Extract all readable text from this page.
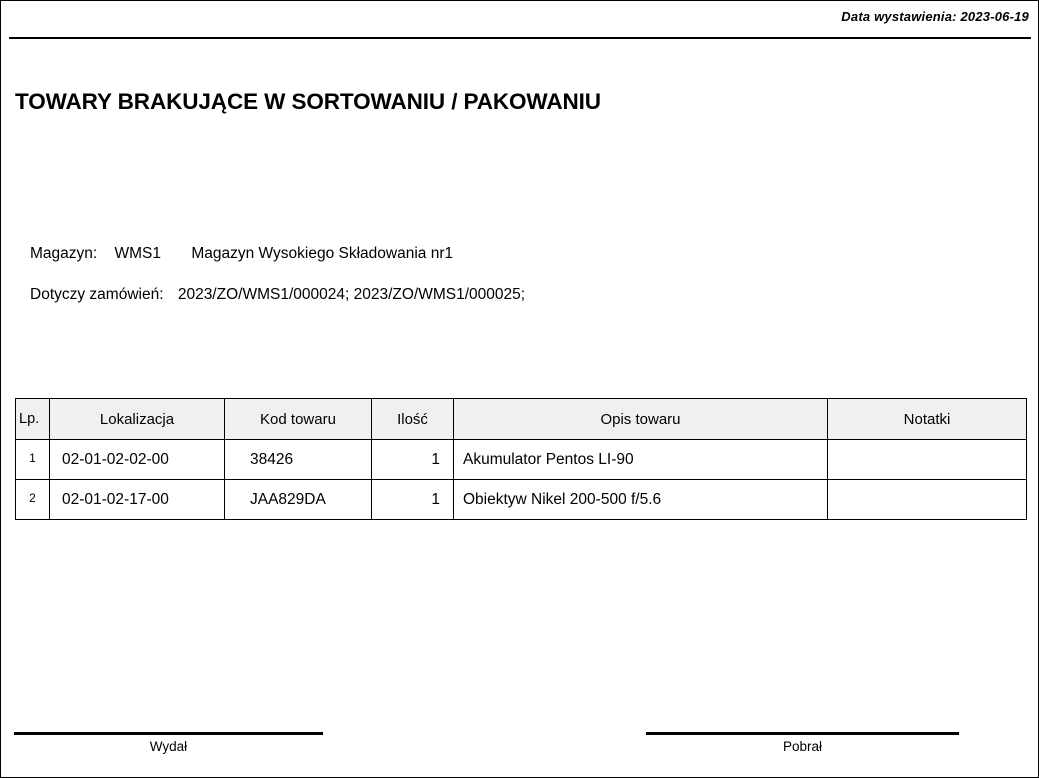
Data wystawienia: 2023-06-19
TOWARY BRAKUJĄCE W SORTOWANIU / PAKOWANIU
Magazyn: WMS1 Magazyn Wysokiego Składowania nr1
Dotyczy zamówień: 2023/ZO/WMS1/000024; 2023/ZO/WMS1/000025;
Lp.	Lokalizacja	Kod towaru	Ilość	Opis towaru	Notatki
1	02-01-02-02-00	38426	1	Akumulator Pentos LI-90	
2	02-01-02-17-00	JAA829DA	1	Obiektyw Nikel 200-500 f/5.6	
Wydał	Pobrał
